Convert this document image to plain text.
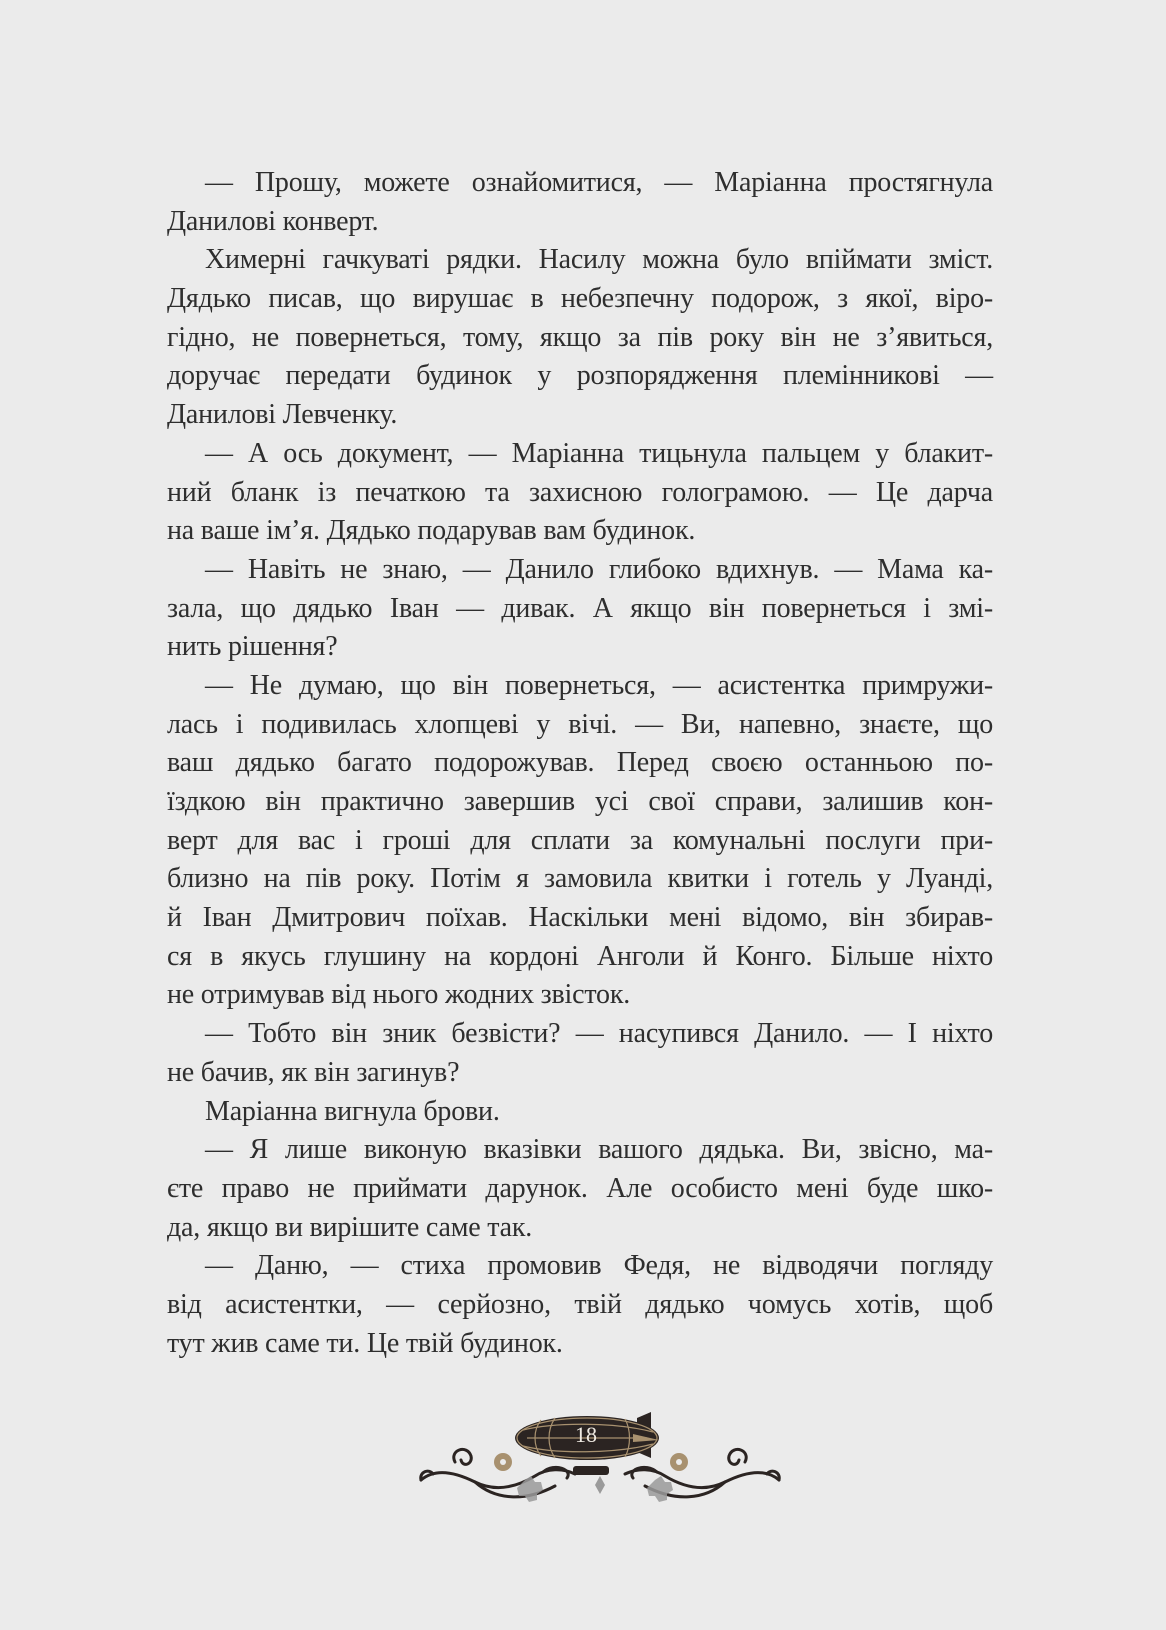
— Прошу, можете ознайомитися, — Маріанна простягнула
Данилові конверт.
Химерні гачкуваті рядки. Насилу можна було впіймати зміст.
Дядько писав, що вирушає в небезпечну подорож, з якої, віро-
гідно, не повернеться, тому, якщо за пів року він не з’явиться,
доручає передати будинок у розпорядження племінникові —
Данилові Левченку.
— А ось документ, — Маріанна тицьнула пальцем у блакит-
ний бланк із печаткою та захисною голограмою. — Це дарча
на ваше ім’я. Дядько подарував вам будинок.
— Навіть не знаю, — Данило глибоко вдихнув. — Мама ка-
зала, що дядько Іван — дивак. А якщо він повернеться і змі-
нить рішення?
— Не думаю, що він повернеться, — асистентка примружи-
лась і подивилась хлопцеві у вічі. — Ви, напевно, знаєте, що
ваш дядько багато подорожував. Перед своєю останньою по-
їздкою він практично завершив усі свої справи, залишив кон-
верт для вас і гроші для сплати за комунальні послуги при-
близно на пів року. Потім я замовила квитки і готель у Луанді,
й Іван Дмитрович поїхав. Наскільки мені відомо, він збирав-
ся в якусь глушину на кордоні Анголи й Конго. Більше ніхто
не отримував від нього жодних звісток.
— Тобто він зник безвісти? — насупився Данило. — І ніхто
не бачив, як він загинув?
Маріанна вигнула брови.
— Я лише виконую вказівки вашого дядька. Ви, звісно, ма-
єте право не приймати дарунок. Але особисто мені буде шко-
да, якщо ви вирішите саме так.
— Даню, — стиха промовив Федя, не відводячи погляду
від асистентки, — серйозно, твій дядько чомусь хотів, щоб
тут жив саме ти. Це твій будинок.
18
